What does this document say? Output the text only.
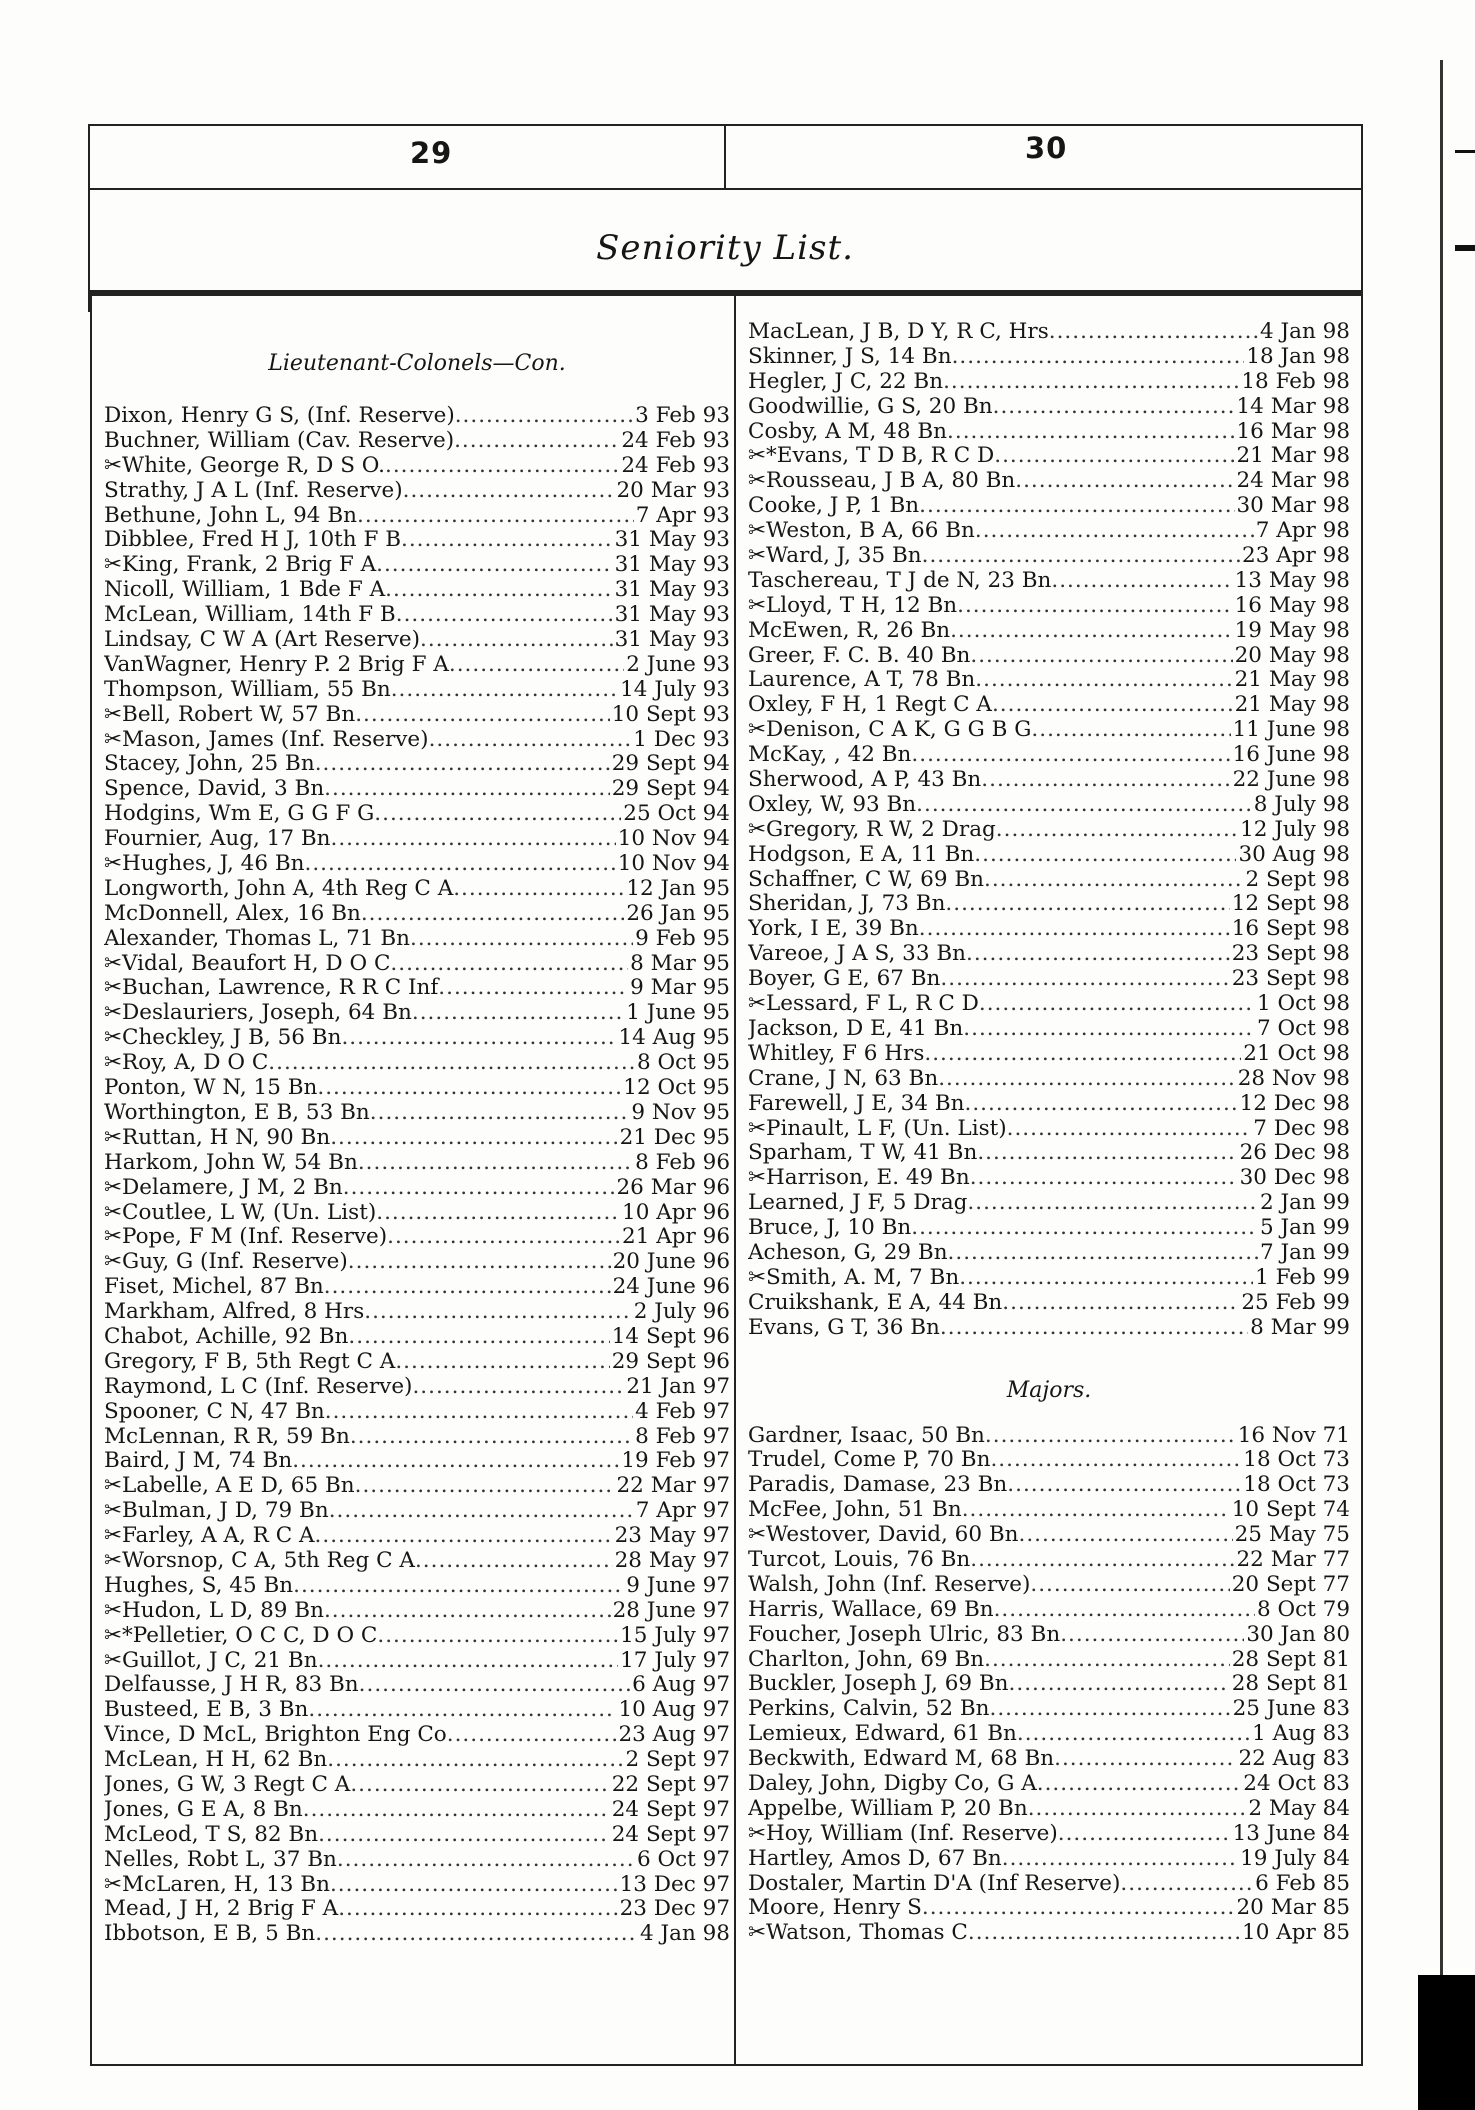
29	30
Seniority List.
Lieutenant-Colonels—Con.
Dixon, Henry G S, (Inf. Reserve) .....	3 Feb 93
Buchner, William (Cav. Reserve) .....	24 Feb 93
✂White, George R, D S O. .....	24 Feb 93
Strathy, J A L (Inf. Reserve) .....	20 Mar 93
Bethune, John L, 94 Bn .....	7 Apr 93
Dibblee, Fred H J, 10th F B .....	31 May 93
✂King, Frank, 2 Brig F A .....	31 May 93
Nicoll, William, 1 Bde F A .....	31 May 93
McLean, William, 14th F B .....	31 May 93
Lindsay, C W A (Art Reserve) .....	31 May 93
VanWagner, Henry P. 2 Brig F A .....	2 June 93
Thompson, William, 55 Bn .....	14 July 93
✂Bell, Robert W, 57 Bn .....	10 Sept 93
✂Mason, James (Inf. Reserve) .....	1 Dec 93
Stacey, John, 25 Bn .....	29 Sept 94
Spence, David, 3 Bn .....	29 Sept 94
Hodgins, Wm E, G G F G .....	25 Oct 94
Fournier, Aug, 17 Bn .....	10 Nov 94
✂Hughes, J, 46 Bn .....	10 Nov 94
Longworth, John A, 4th Reg C A .....	12 Jan 95
McDonnell, Alex, 16 Bn .....	26 Jan 95
Alexander, Thomas L, 71 Bn .....	9 Feb 95
✂Vidal, Beaufort H, D O C .....	8 Mar 95
✂Buchan, Lawrence, R R C Inf .....	9 Mar 95
✂Deslauriers, Joseph, 64 Bn .....	1 June 95
✂Checkley, J B, 56 Bn .....	14 Aug 95
✂Roy, A, D O C .....	8 Oct 95
Ponton, W N, 15 Bn .....	12 Oct 95
Worthington, E B, 53 Bn .....	9 Nov 95
✂Ruttan, H N, 90 Bn .....	21 Dec 95
Harkom, John W, 54 Bn .....	8 Feb 96
✂Delamere, J M, 2 Bn .....	26 Mar 96
✂Coutlee, L W, (Un. List) .....	10 Apr 96
✂Pope, F M (Inf. Reserve) .....	21 Apr 96
✂Guy, G (Inf. Reserve) .....	20 June 96
Fiset, Michel, 87 Bn .....	24 June 96
Markham, Alfred, 8 Hrs .....	2 July 96
Chabot, Achille, 92 Bn .....	14 Sept 96
Gregory, F B, 5th Regt C A .....	29 Sept 96
Raymond, L C (Inf. Reserve) .....	21 Jan 97
Spooner, C N, 47 Bn .....	4 Feb 97
McLennan, R R, 59 Bn .....	8 Feb 97
Baird, J M, 74 Bn .....	19 Feb 97
✂Labelle, A E D, 65 Bn .....	22 Mar 97
✂Bulman, J D, 79 Bn .....	7 Apr 97
✂Farley, A A, R C A .....	23 May 97
✂Worsnop, C A, 5th Reg C A .....	28 May 97
Hughes, S, 45 Bn .....	9 June 97
✂Hudon, L D, 89 Bn .....	28 June 97
✂*Pelletier, O C C, D O C .....	15 July 97
✂Guillot, J C, 21 Bn .....	17 July 97
Delfausse, J H R, 83 Bn .....	6 Aug 97
Busteed, E B, 3 Bn .....	10 Aug 97
Vince, D McL, Brighton Eng Co .....	23 Aug 97
McLean, H H, 62 Bn .....	2 Sept 97
Jones, G W, 3 Regt C A .....	22 Sept 97
Jones, G E A, 8 Bn .....	24 Sept 97
McLeod, T S, 82 Bn .....	24 Sept 97
Nelles, Robt L, 37 Bn .....	6 Oct 97
✂McLaren, H, 13 Bn .....	13 Dec 97
Mead, J H, 2 Brig F A .....	23 Dec 97
Ibbotson, E B, 5 Bn .....	4 Jan 98
MacLean, J B, D Y, R C, Hrs .....	4 Jan 98
Skinner, J S, 14 Bn .....	18 Jan 98
Hegler, J C, 22 Bn .....	18 Feb 98
Goodwillie, G S, 20 Bn .....	14 Mar 98
Cosby, A M, 48 Bn .....	16 Mar 98
✂*Evans, T D B, R C D .....	21 Mar 98
✂Rousseau, J B A, 80 Bn .....	24 Mar 98
Cooke, J P, 1 Bn .....	30 Mar 98
✂Weston, B A, 66 Bn .....	7 Apr 98
✂Ward, J, 35 Bn .....	23 Apr 98
Taschereau, T J de N, 23 Bn .....	13 May 98
✂Lloyd, T H, 12 Bn .....	16 May 98
McEwen, R, 26 Bn .....	19 May 98
Greer, F. C. B. 40 Bn .....	20 May 98
Laurence, A T, 78 Bn .....	21 May 98
Oxley, F H, 1 Regt C A .....	21 May 98
✂Denison, C A K, G G B G .....	11 June 98
McKay, , 42 Bn .....	16 June 98
Sherwood, A P, 43 Bn .....	22 June 98
Oxley, W, 93 Bn .....	8 July 98
✂Gregory, R W, 2 Drag .....	12 July 98
Hodgson, E A, 11 Bn .....	30 Aug 98
Schaffner, C W, 69 Bn .....	2 Sept 98
Sheridan, J, 73 Bn .....	12 Sept 98
York, I E, 39 Bn .....	16 Sept 98
Vareoe, J A S, 33 Bn .....	23 Sept 98
Boyer, G E, 67 Bn .....	23 Sept 98
✂Lessard, F L, R C D .....	1 Oct 98
Jackson, D E, 41 Bn .....	7 Oct 98
Whitley, F 6 Hrs .....	21 Oct 98
Crane, J N, 63 Bn .....	28 Nov 98
Farewell, J E, 34 Bn .....	12 Dec 98
✂Pinault, L F, (Un. List) .....	7 Dec 98
Sparham, T W, 41 Bn .....	26 Dec 98
✂Harrison, E. 49 Bn .....	30 Dec 98
Learned, J F, 5 Drag .....	2 Jan 99
Bruce, J, 10 Bn .....	5 Jan 99
Acheson, G, 29 Bn .....	7 Jan 99
✂Smith, A. M, 7 Bn .....	1 Feb 99
Cruikshank, E A, 44 Bn .....	25 Feb 99
Evans, G T, 36 Bn .....	8 Mar 99
Majors.
Gardner, Isaac, 50 Bn .....	16 Nov 71
Trudel, Come P, 70 Bn .....	18 Oct 73
Paradis, Damase, 23 Bn .....	18 Oct 73
McFee, John, 51 Bn .....	10 Sept 74
✂Westover, David, 60 Bn .....	25 May 75
Turcot, Louis, 76 Bn .....	22 Mar 77
Walsh, John (Inf. Reserve) .....	20 Sept 77
Harris, Wallace, 69 Bn .....	8 Oct 79
Foucher, Joseph Ulric, 83 Bn .....	30 Jan 80
Charlton, John, 69 Bn .....	28 Sept 81
Buckler, Joseph J, 69 Bn .....	28 Sept 81
Perkins, Calvin, 52 Bn .....	25 June 83
Lemieux, Edward, 61 Bn .....	1 Aug 83
Beckwith, Edward M, 68 Bn .....	22 Aug 83
Daley, John, Digby Co, G A .....	24 Oct 83
Appelbe, William P, 20 Bn .....	2 May 84
✂Hoy, William (Inf. Reserve) .....	13 June 84
Hartley, Amos D, 67 Bn .....	19 July 84
Dostaler, Martin D'A (Inf Reserve) .....	6 Feb 85
Moore, Henry S .....	20 Mar 85
✂Watson, Thomas C .....	10 Apr 85
